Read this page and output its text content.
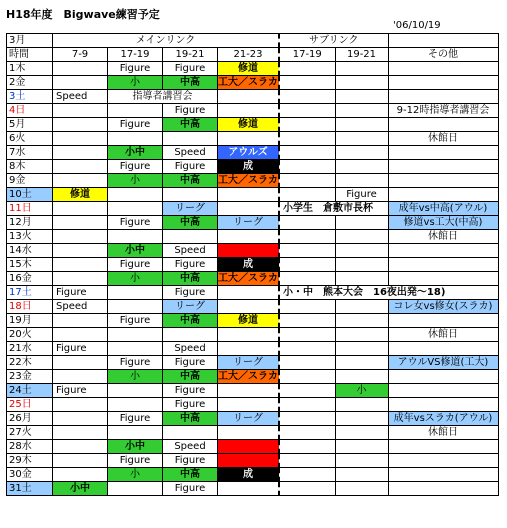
H18年度　Bigwave練習予定
'06/10/19
3月	メインリンク				サブリンク		
時間	7-9	17-19	19-21	21-23	17-19	19-21	その他
1木		Figure	Figure	修道			
2金		小	中高	工大／スラカ			
3土	Speed	指導者講習会					
4日			Figure				9-12時指導者講習会
5月		Figure	中高	修道			
6火							休館日
7水		小中	Speed	アウルズ			
8木		Figure	Figure	成			
9金		小	中高	工大／スラカ			
10土	修道					Figure	
11日			リーグ		小学生　倉敷市長杯		成年vs中高(アウル)
12月		Figure	中高	リーグ			修道vs工大(中高)
13火							休館日
14水		小中	Speed				
15木		Figure	Figure	成			
16金		小	中高	工大／スラカ			
17土	Figure		Figure		小・中　熊本大会　16夜出発～18)		
18日	Speed		リーグ				コレ女vs修女(スラカ)
19月		Figure	中高	修道			
20火							休館日
21水	Figure		Speed				
22木		Figure	Figure	リーグ			アウルVS修道(工大)
23金		小	中高	工大／スラカ			
24土	Figure		Figure			小	
25日			Figure				
26月		Figure	中高	リーグ			成年vsスラカ(アウル)
27火							休館日
28水		小中	Speed				
29木		Figure	Figure				
30金		小	中高	成			
31土	小中		Figure				
